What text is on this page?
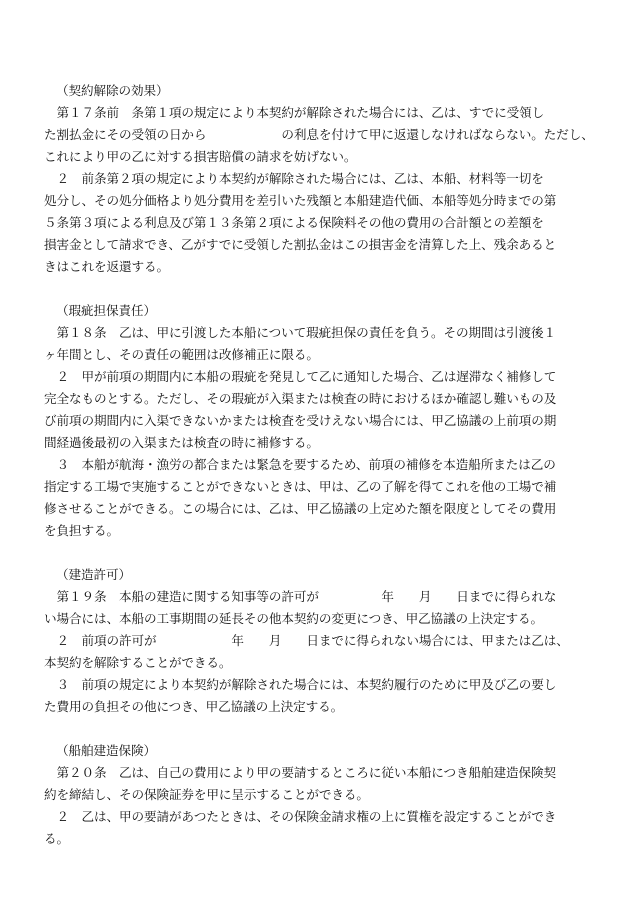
（契約解除の効果）

　第１７条前　条第１項の規定により本契約が解除された場合には、乙は、すでに受領し

た割払金にその受領の日から　　　　　　の利息を付けて甲に返還しなければならない。ただし、

これにより甲の乙に対する損害賠償の請求を妨げない。

　２　前条第２項の規定により本契約が解除された場合には、乙は、本船、材料等一切を

処分し、その処分価格より処分費用を差引いた残額と本船建造代価、本船等処分時までの第

５条第３項による利息及び第１３条第２項による保険料その他の費用の合計額との差額を

損害金として請求でき、乙がすでに受領した割払金はこの損害金を清算した上、残余あると

きはこれを返還する。

（瑕疵担保責任）

　第１８条　乙は、甲に引渡した本船について瑕疵担保の責任を負う。その期間は引渡後１

ヶ年間とし、その責任の範囲は改修補正に限る。

　２　甲が前項の期間内に本船の瑕疵を発見して乙に通知した場合、乙は遅滞なく補修して

完全なものとする。ただし、その瑕疵が入渠または検査の時におけるほか確認し難いもの及

び前項の期間内に入渠できないかまたは検査を受けえない場合には、甲乙協議の上前項の期

間経過後最初の入渠または検査の時に補修する。

　３　本船が航海・漁労の都合または緊急を要するため、前項の補修を本造船所または乙の

指定する工場で実施することができないときは、甲は、乙の了解を得てこれを他の工場で補

修させることができる。この場合には、乙は、甲乙協議の上定めた額を限度としてその費用

を負担する。

（建造許可）

　第１９条　本船の建造に関する知事等の許可が　　　　　年　　月　　日までに得られな

い場合には、本船の工事期間の延長その他本契約の変更につき、甲乙協議の上決定する。

　２　前項の許可が　　　　　　年　　月　　日までに得られない場合には、甲または乙は、

本契約を解除することができる。

　３　前項の規定により本契約が解除された場合には、本契約履行のために甲及び乙の要し

た費用の負担その他につき、甲乙協議の上決定する。

（船舶建造保険）

　第２０条　乙は、自己の費用により甲の要請するところに従い本船につき船舶建造保険契

約を締結し、その保険証券を甲に呈示することができる。

　２　乙は、甲の要請があつたときは、その保険金請求権の上に質権を設定することができ

る。
